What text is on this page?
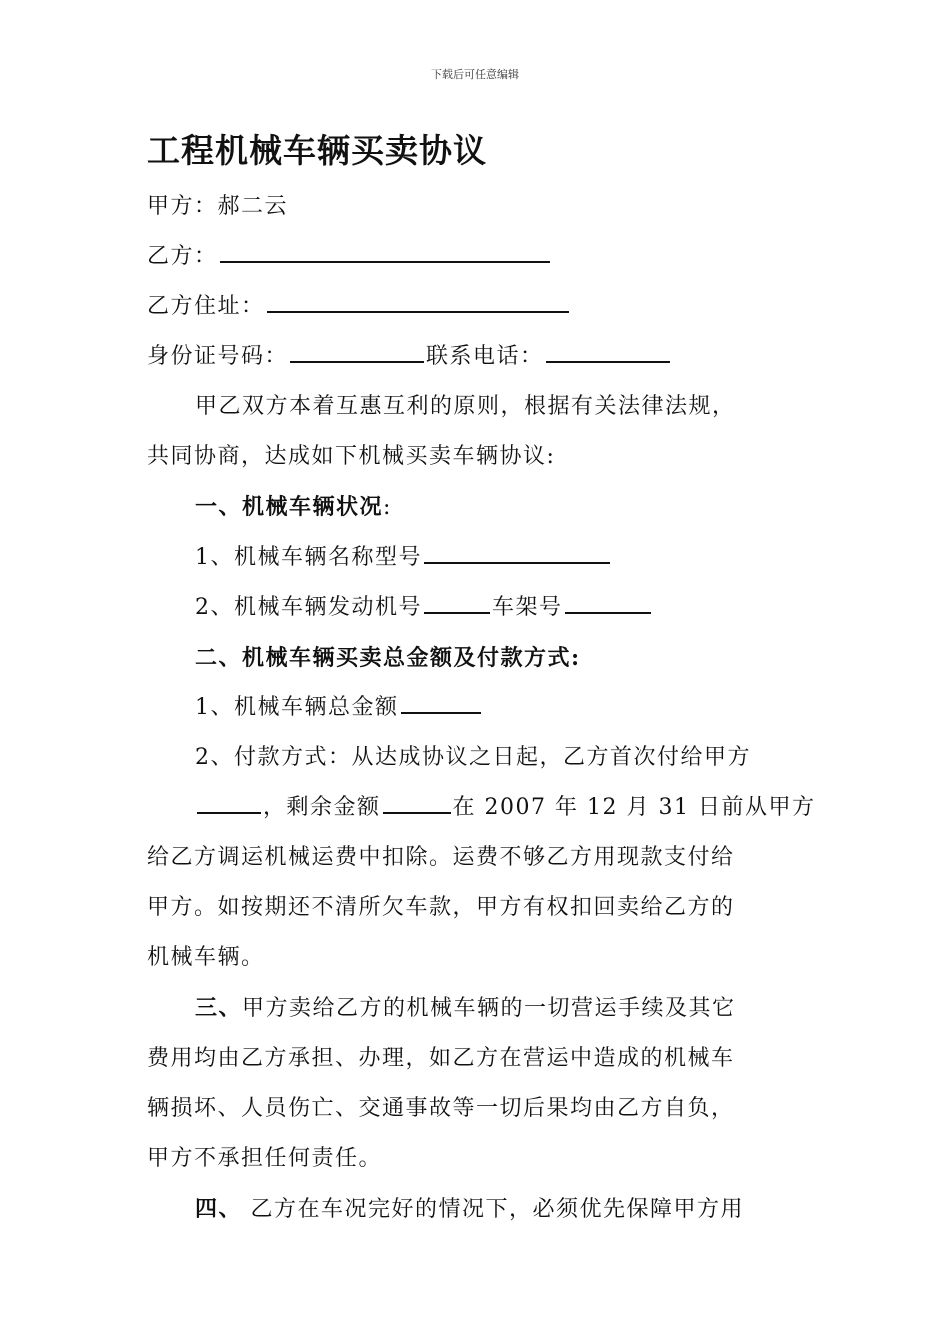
下载后可任意编辑
工程机械车辆买卖协议
甲方：郝二云
乙方：
乙方住址：
身份证号码：	联系电话：
甲乙双方本着互惠互利的原则，根据有关法律法规，
共同协商，达成如下机械买卖车辆协议:
一、机械车辆状况:
1、机械车辆名称型号
2、机械车辆发动机号	车架号
二、机械车辆买卖总金额及付款方式:
1、机械车辆总金额
2、付款方式：从达成协议之日起，乙方首次付给甲方
，剩余金额	在 2007 年 12 月 31 日前从甲方
给乙方调运机械运费中扣除。运费不够乙方用现款支付给
甲方。如按期还不清所欠车款，甲方有权扣回卖给乙方的
机械车辆。
三、甲方卖给乙方的机械车辆的一切营运手续及其它
费用均由乙方承担、办理，如乙方在营运中造成的机械车
辆损坏、人员伤亡、交通事故等一切后果均由乙方自负，
甲方不承担任何责任。
四、 乙方在车况完好的情况下，必须优先保障甲方用
